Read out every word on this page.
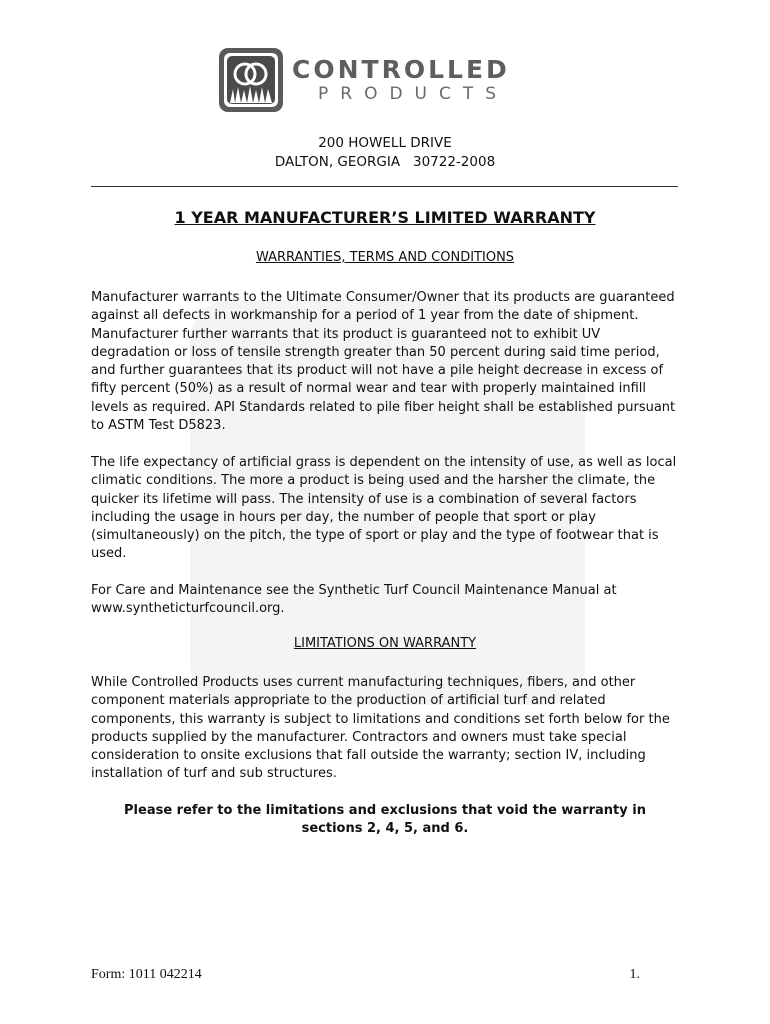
CONTROLLED
PRODUCTS
200 HOWELL DRIVE
DALTON, GEORGIA   30722-2008
1 YEAR MANUFACTURER’S LIMITED WARRANTY
WARRANTIES, TERMS AND CONDITIONS

Manufacturer warrants to the Ultimate Consumer/Owner that its products are guaranteed against all defects in workmanship for a period of 1 year from the date of shipment. Manufacturer further warrants that its product is guaranteed not to exhibit UV degradation or loss of tensile strength greater than 50 percent during said time period, and further guarantees that its product will not have a pile height decrease in excess of fifty percent (50%) as a result of normal wear and tear with properly maintained infill levels as required. API Standards related to pile fiber height shall be established pursuant to ASTM Test D5823.

The life expectancy of artificial grass is dependent on the intensity of use, as well as local climatic conditions. The more a product is being used and the harsher the climate, the quicker its lifetime will pass. The intensity of use is a combination of several factors including the usage in hours per day, the number of people that sport or play (simultaneously) on the pitch, the type of sport or play and the type of footwear that is used.

For Care and Maintenance see the Synthetic Turf Council Maintenance Manual at www.syntheticturfcouncil.org.

LIMITATIONS ON WARRANTY

While Controlled Products uses current manufacturing techniques, fibers, and other component materials appropriate to the production of artificial turf and related components, this warranty is subject to limitations and conditions set forth below for the products supplied by the manufacturer. Contractors and owners must take special consideration to onsite exclusions that fall outside the warranty; section IV, including installation of turf and sub structures.

Please refer to the limitations and exclusions that void the warranty in sections 2, 4, 5, and 6.

Form: 1011 042214	1.
